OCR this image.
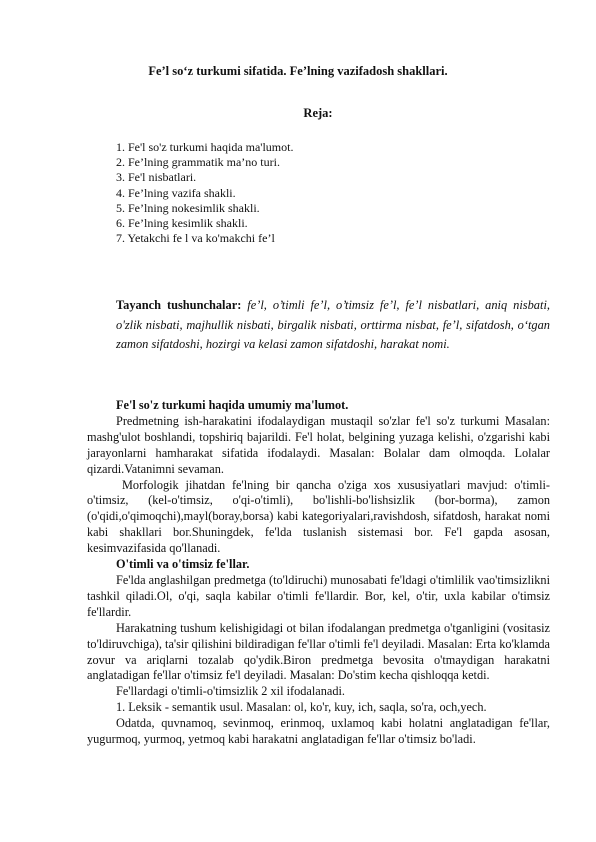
Fe’l so‘z turkumi sifatida. Fe’lning vazifadosh shakllari.
Reja:
1. Fe'l so'z turkumi haqida ma'lumot.
2. Fe’lning grammatik ma’no turi.
3. Fe'l nisbatlari.
4. Fe’lning vazifa shakli.
5. Fe’lning nokesimlik shakli.
6. Fe’lning kesimlik shakli.
7. Yetakchi fe l va ko'makchi fe’l
Tayanch tushunchalar: fe’l, o’timli fe’l, o’timsiz fe’l, fe’l nisbatlari, aniq nisbati, o'zlik nisbati, majhullik nisbati, birgalik nisbati, orttirma nisbat, fe’l, sifatdosh, o‘tgan zamon sifatdoshi, hozirgi va kelasi zamon sifatdoshi, harakat nomi.

Fe'l so'z turkumi haqida umumiy ma'lumot.

Predmetning ish-harakatini ifodalaydigan mustaqil so'zlar fe'l so'z turkumi Masalan: mashg'ulot boshlandi, topshiriq bajarildi. Fe'l holat, belgining yuzaga kelishi, o'zgarishi kabi jarayonlarni hamharakat sifatida ifodalaydi. Masalan: Bolalar dam olmoqda. Lolalar qizardi.Vatanimni sevaman.

Morfologik jihatdan fe'lning bir qancha o'ziga xos xususiyatlari mavjud: o'timli-o'timsiz, (kel-o'timsiz, o'qi-o'timli), bo'lishli-bo'lishsizlik (bor-borma), zamon (o'qidi,o'qimoqchi),mayl(boray,borsa) kabi kategoriyalari,ravishdosh, sifatdosh, harakat nomi kabi shakllari bor.Shuningdek, fe'lda tuslanish sistemasi bor. Fe'l gapda asosan, kesimvazifasida qo'llanadi.

O'timli va o'timsiz fe'llar.

Fe'lda anglashilgan predmetga (to'ldiruchi) munosabati fe'ldagi o'timlilik vao'timsizlikni tashkil qiladi.Ol, o'qi, saqla kabilar o'timli fe'llardir. Bor, kel, o'tir, uxla kabilar o'timsiz fe'llardir.

Harakatning tushum kelishigidagi ot bilan ifodalangan predmetga o'tganligini (vositasiz to'ldiruvchiga), ta'sir qilishini bildiradigan fe'llar o'timli fe'l deyiladi. Masalan: Erta ko'klamda zovur va ariqlarni tozalab qo'ydik.Biron predmetga bevosita o'tmaydigan harakatni anglatadigan fe'llar o'timsiz fe'l deyiladi. Masalan: Do'stim kecha qishloqqa ketdi.

Fe'llardagi o'timli-o'timsizlik 2 xil ifodalanadi.

1. Leksik - semantik usul. Masalan: ol, ko'r, kuy, ich, saqla, so'ra, och,yech.

Odatda, quvnamoq, sevinmoq, erinmoq, uxlamoq kabi holatni anglatadigan fe'llar, yugurmoq, yurmoq, yetmoq kabi harakatni anglatadigan fe'llar o'timsiz bo'ladi.
